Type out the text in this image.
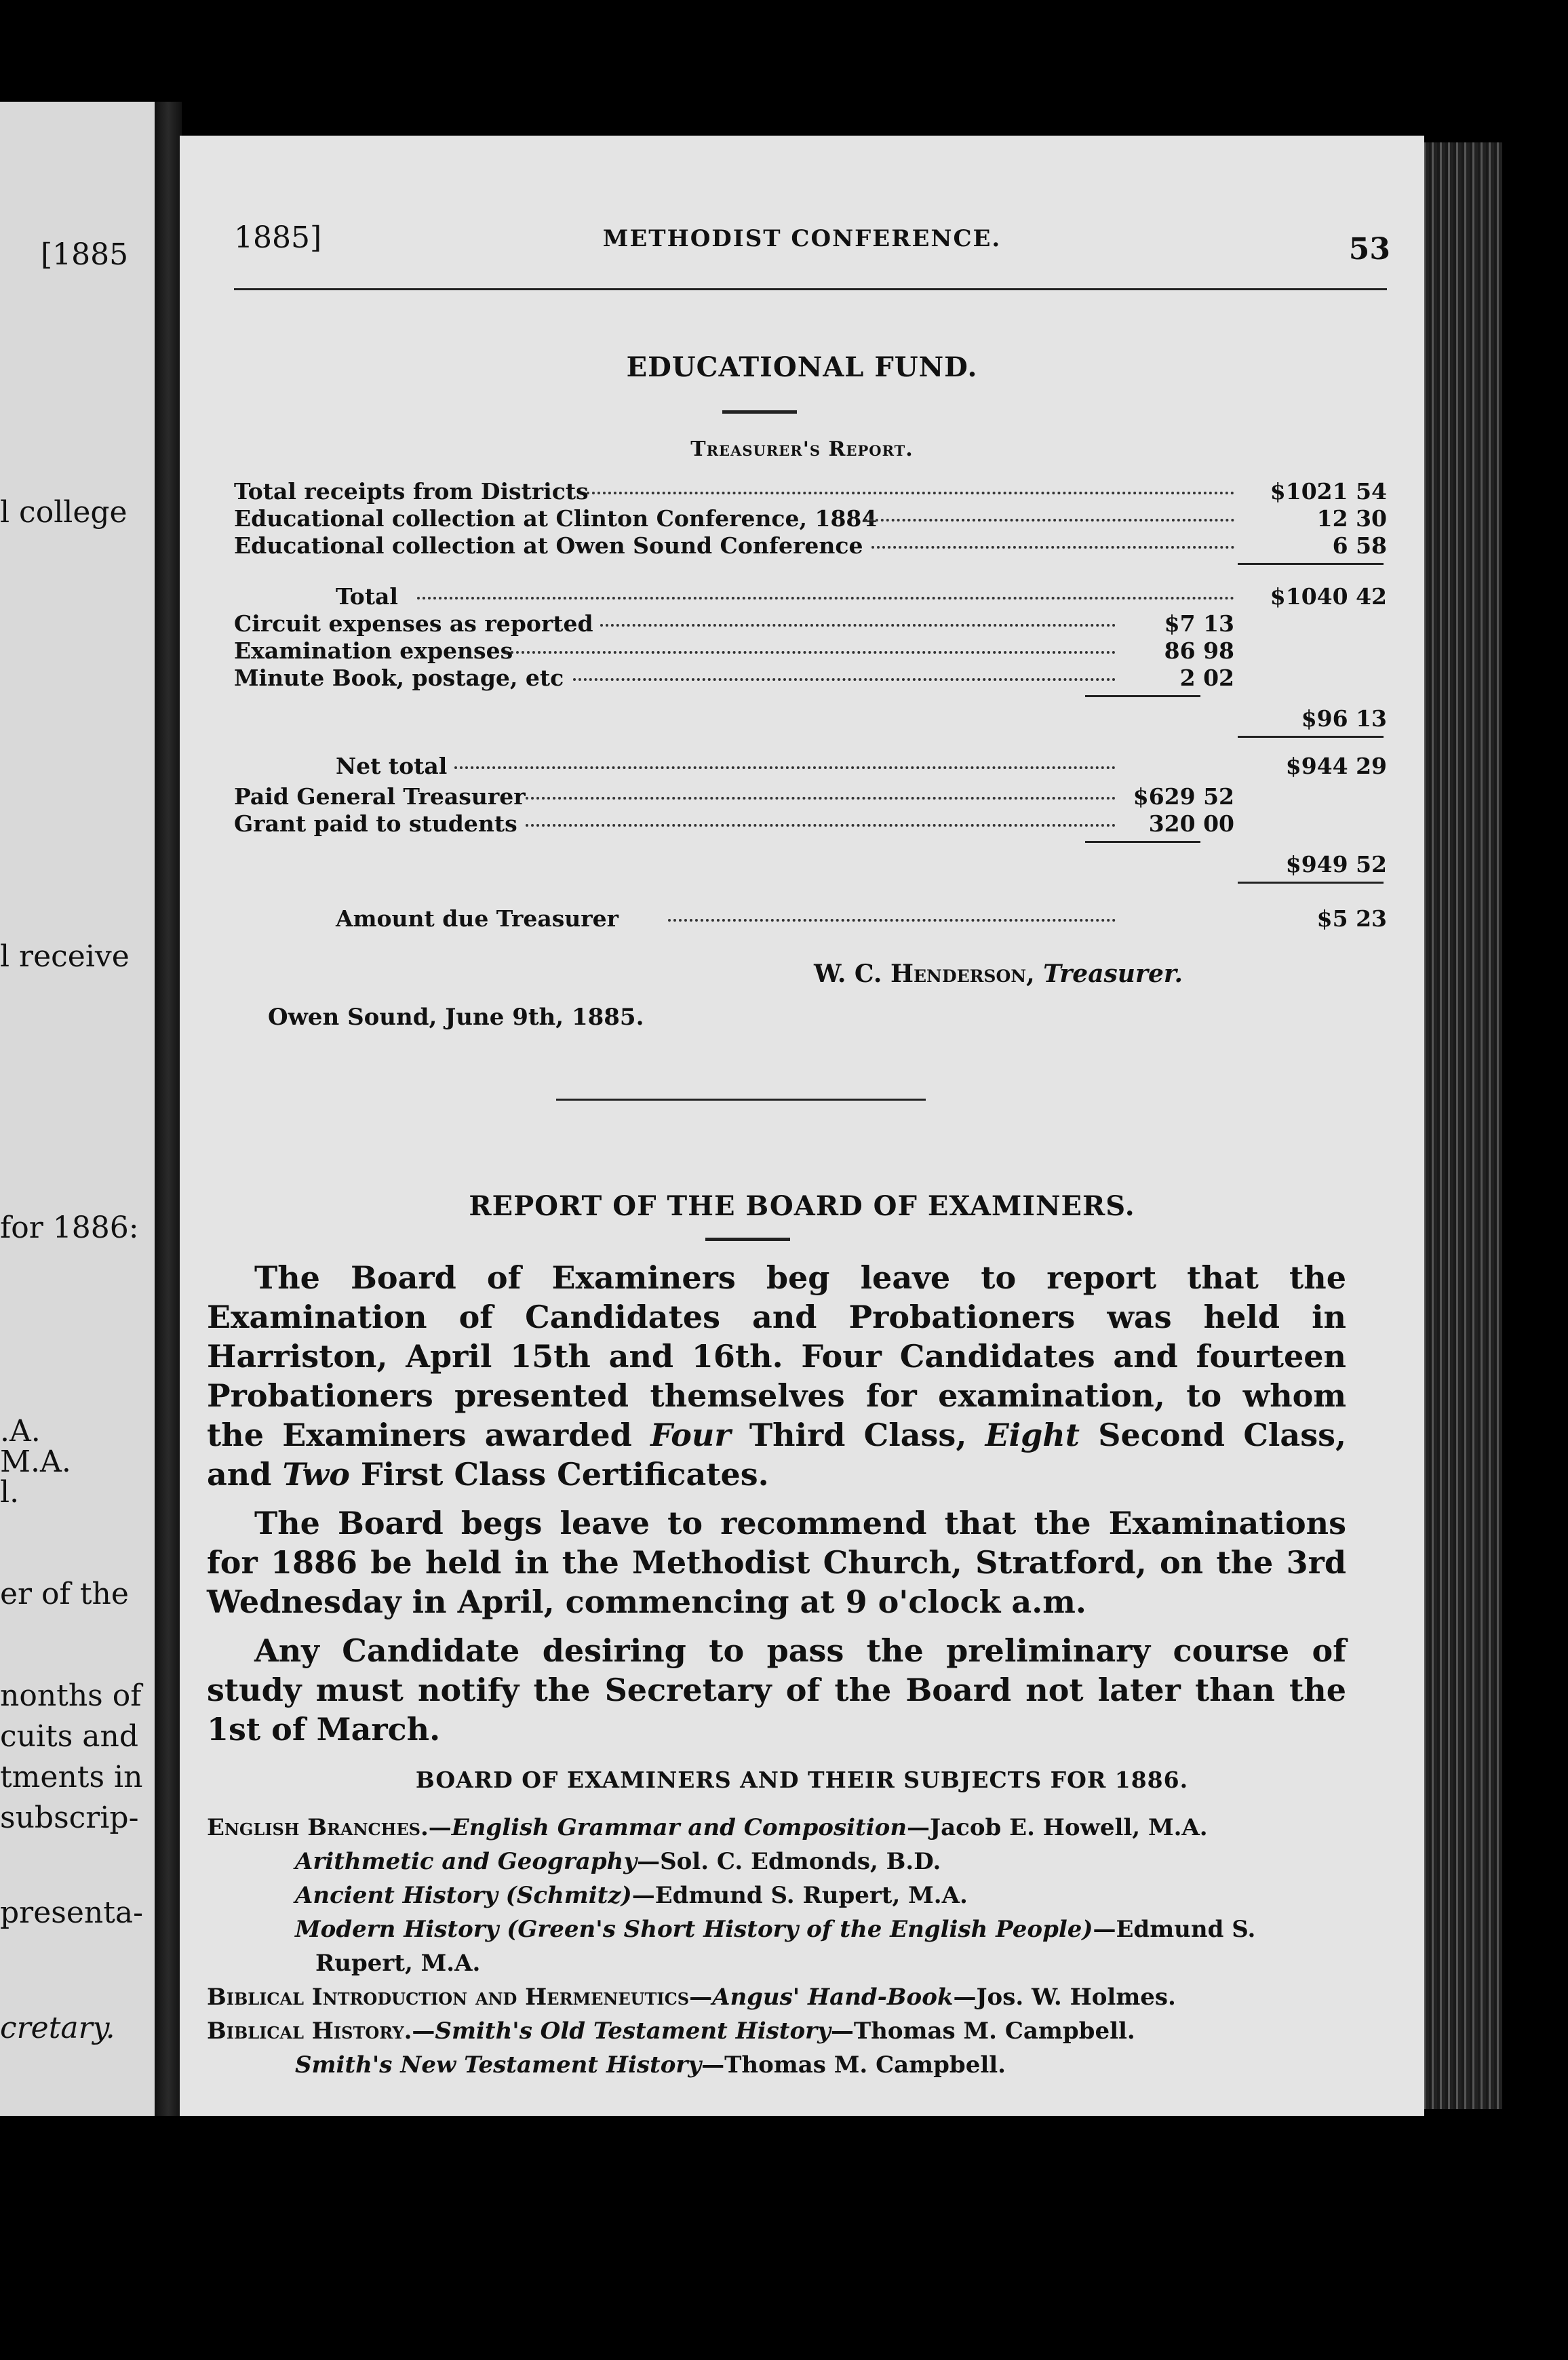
[1885
l college
l receive
for 1886:
.A.
M.A.
l.
er of the
nonths of
cuits and
tments in
subscrip-
presenta-
cretary.
1885]	METHODIST CONFERENCE.	53
EDUCATIONAL FUND.
Treasurer's Report.
Total receipts from Districts	$1021 54
Educational collection at Clinton Conference, 1884	12 30
Educational collection at Owen Sound Conference	6 58
Total	$1040 42
Circuit expenses as reported	$7 13
Examination expenses	86 98
Minute Book, postage, etc	2 02
$96 13
Net total	$944 29
Paid General Treasurer	$629 52
Grant paid to students	320 00
$949 52
Amount due Treasurer	$5 23
W. C. Henderson, Treasurer.
Owen Sound, June 9th, 1885.
REPORT OF THE BOARD OF EXAMINERS.

The Board of Examiners beg leave to report that the Examination of Candidates and Probationers was held in Harriston, April 15th and 16th. Four Candidates and fourteen Probationers presented themselves for examination, to whom the Examiners awarded Four Third Class, Eight Second Class, and Two First Class Certificates.

The Board begs leave to recommend that the Examinations for 1886 be held in the Methodist Church, Stratford, on the 3rd Wednesday in April, commencing at 9 o'clock a.m.

Any Candidate desiring to pass the preliminary course of study must notify the Secretary of the Board not later than the 1st of March.

BOARD OF EXAMINERS AND THEIR SUBJECTS FOR 1886.
English Branches.—English Grammar and Composition—Jacob E. Howell, M.A.
Arithmetic and Geography—Sol. C. Edmonds, B.D.
Ancient History (Schmitz)—Edmund S. Rupert, M.A.
Modern History (Green's Short History of the English People)—Edmund S.
Rupert, M.A.
Biblical Introduction and Hermeneutics—Angus' Hand-Book—Jos. W. Holmes.
Biblical History.—Smith's Old Testament History—Thomas M. Campbell.
Smith's New Testament History—Thomas M. Campbell.
